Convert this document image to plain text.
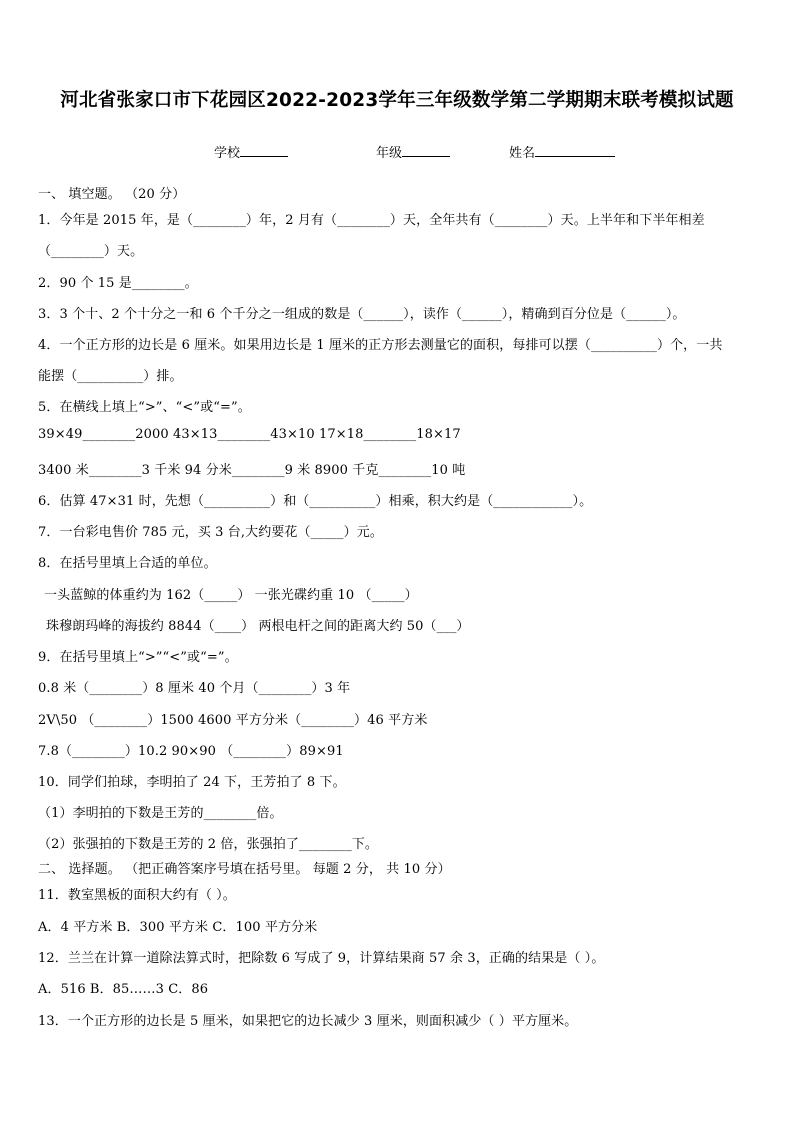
河北省张家口市下花园区2022-2023学年三年级数学第二学期期末联考模拟试题
学校	年级	姓名
一、 填空题。 （20 分）
1．今年是 2015 年，是（________）年，2 月有（________）天，全年共有（________）天。上半年和下半年相差
（________）天。
2．90 个 15 是________。
3．3 个十、2 个十分之一和 6 个千分之一组成的数是（______），读作（______），精确到百分位是（______）。
4．一个正方形的边长是 6 厘米。如果用边长是 1 厘米的正方形去测量它的面积，每排可以摆（__________）个，一共
能摆（__________）排。
5．在横线上填上“>”、“<”或“=”。
39×49________2000 43×13________43×10 17×18________18×17
3400 米________3 千米 94 分米________9 米 8900 千克________10 吨
6．估算 47×31 时，先想（__________）和（__________）相乘，积大约是（____________）。
7．一台彩电售价 785 元，买 3 台,大约要花（_____）元。
8．在括号里填上合适的单位。
一头蓝鲸的体重约为 162（_____） 一张光碟约重 10 （_____）
珠穆朗玛峰的海拔约 8844（____） 两根电杆之间的距离大约 50（___）
9．在括号里填上“>”“<”或“=”。
0.8 米（________）8 厘米 40 个月（________）3 年
2V\50 （________）1500 4600 平方分米（________）46 平方米
7.8（________）10.2 90×90 （________）89×91
10．同学们拍球，李明拍了 24 下，王芳拍了 8 下。
（1）李明拍的下数是王芳的________倍。
（2）张强拍的下数是王芳的 2 倍，张强拍了________下。
二、 选择题。 （把正确答案序号填在括号里。 每题 2 分， 共 10 分）
11．教室黑板的面积大约有（ ）。
A．4 平方米 B．300 平方米 C．100 平方分米
12．兰兰在计算一道除法算式时，把除数 6 写成了 9，计算结果商 57 余 3，正确的结果是（ ）。
A．516 B．85……3 C．86
13．一个正方形的边长是 5 厘米，如果把它的边长减少 3 厘米，则面积减少（ ）平方厘米。
